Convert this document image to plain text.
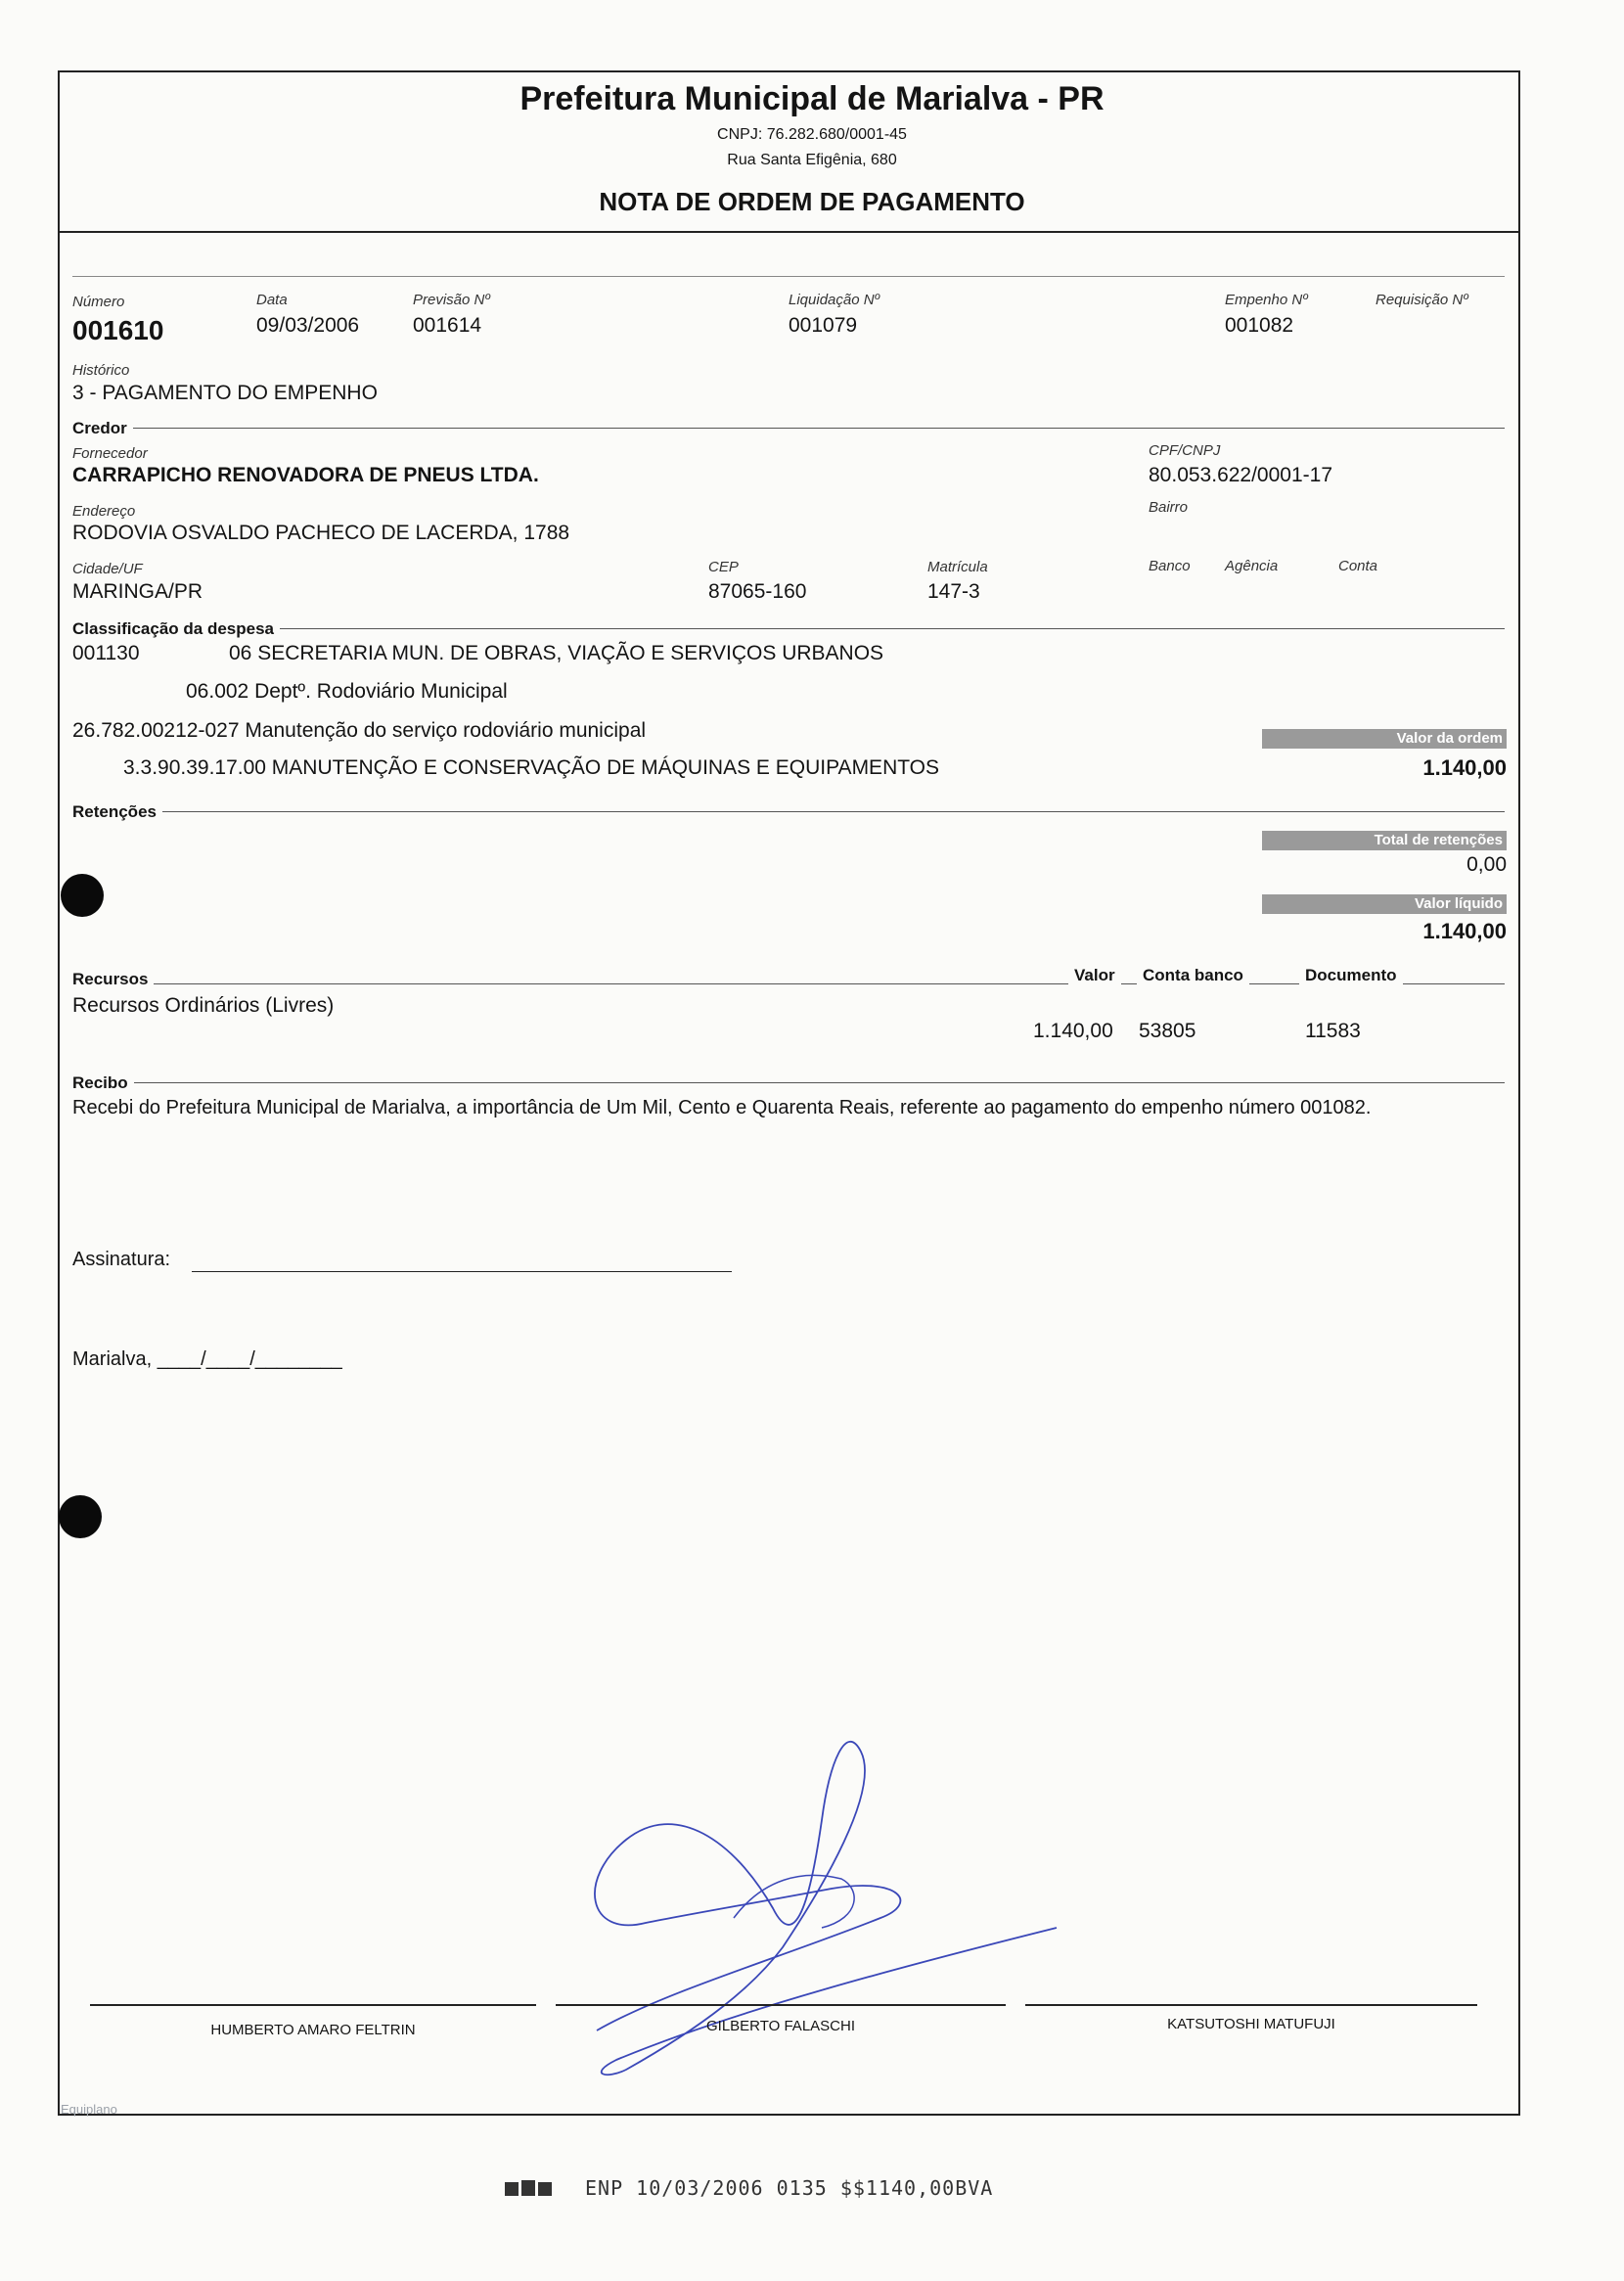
Prefeitura Municipal de Marialva - PR
CNPJ: 76.282.680/0001-45
Rua Santa Efigênia, 680
NOTA DE ORDEM DE PAGAMENTO
Número
001610
Data
09/03/2006
Previsão Nº
001614
Liquidação Nº
001079
Empenho Nº
001082
Requisição Nº
Histórico
3 - PAGAMENTO DO EMPENHO
Credor
Fornecedor
CARRAPICHO RENOVADORA DE PNEUS LTDA.
CPF/CNPJ
80.053.622/0001-17
Endereço
RODOVIA OSVALDO PACHECO DE LACERDA, 1788
Bairro
Cidade/UF
MARINGA/PR
CEP
87065-160
Matrícula
147-3
Banco Agência	Conta
Classificação da despesa
001130	06 SECRETARIA MUN. DE OBRAS, VIAÇÃO E SERVIÇOS URBANOS
06.002 Deptº. Rodoviário Municipal
26.782.00212-027 Manutenção do serviço rodoviário municipal
3.3.90.39.17.00 MANUTENÇÃO E CONSERVAÇÃO DE MÁQUINAS E EQUIPAMENTOS
Valor da ordem
1.140,00
Retenções
Total de retenções
0,00
Valor líquido
1.140,00
Recursos	Valor	Conta banco	Documento
Recursos Ordinários (Livres)
1.140,00 53805	11583
Recibo
Recebi do Prefeitura Municipal de Marialva, a importância de Um Mil, Cento e Quarenta Reais, referente ao pagamento do empenho número 001082.
Assinatura:
Marialva, ____/____/________
HUMBERTO AMARO FELTRIN	GILBERTO FALASCHI	KATSUTOSHI MATUFUJI
Equiplano
ENP 10/03/2006 0135 $$1140,00BVA
